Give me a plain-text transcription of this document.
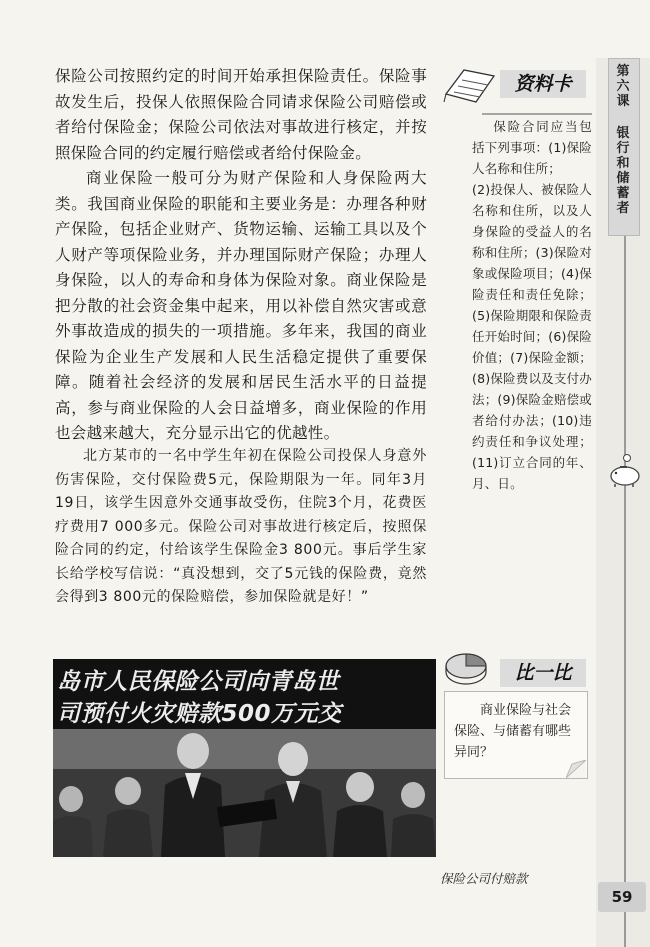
第六课
银行和储蓄者
59

保险公司按照约定的时间开始承担保险责任。保险事故发生后，投保人依照保险合同请求保险公司赔偿或者给付保险金；保险公司依法对事故进行核定，并按照保险合同的约定履行赔偿或者给付保险金。

商业保险一般可分为财产保险和人身保险两大类。我国商业保险的职能和主要业务是：办理各种财产保险，包括企业财产、货物运输、运输工具以及个人财产等项保险业务，并办理国际财产保险；办理人身保险，以人的寿命和身体为保险对象。商业保险是把分散的社会资金集中起来，用以补偿自然灾害或意外事故造成的损失的一项措施。多年来，我国的商业保险为企业生产发展和人民生活稳定提供了重要保障。随着社会经济的发展和居民生活水平的日益提高，参与商业保险的人会日益增多，商业保险的作用也会越来越大，充分显示出它的优越性。

北方某市的一名中学生年初在保险公司投保人身意外伤害保险，交付保险费5元，保险期限为一年。同年3月19日，该学生因意外交通事故受伤，住院3个月，花费医疗费用7 000多元。保险公司对事故进行核定后，按照保险合同的约定，付给该学生保险金3 800元。事后学生家长给学校写信说：“真没想到，交了5元钱的保险费，竟然会得到3 800元的保险赔偿，参加保险就是好！”

资料卡
保险合同应当包括下列事项：(1)保险人名称和住所；
(2)投保人、被保险人名称和住所，以及人身保险的受益人的名称和住所；(3)保险对象或保险项目；(4)保险责任和责任免除；(5)保险期限和保险责任开始时间；(6)保险价值；(7)保险金额；(8)保险费以及支付办法；(9)保险金赔偿或者给付办法；(10)违约责任和争议处理；(11)订立合同的年、月、日。
比一比
商业保险与社会保险、与储蓄有哪些异同？
岛市人民保险公司向青岛世
司预付火灾赔款500万元交
保险公司付赔款
